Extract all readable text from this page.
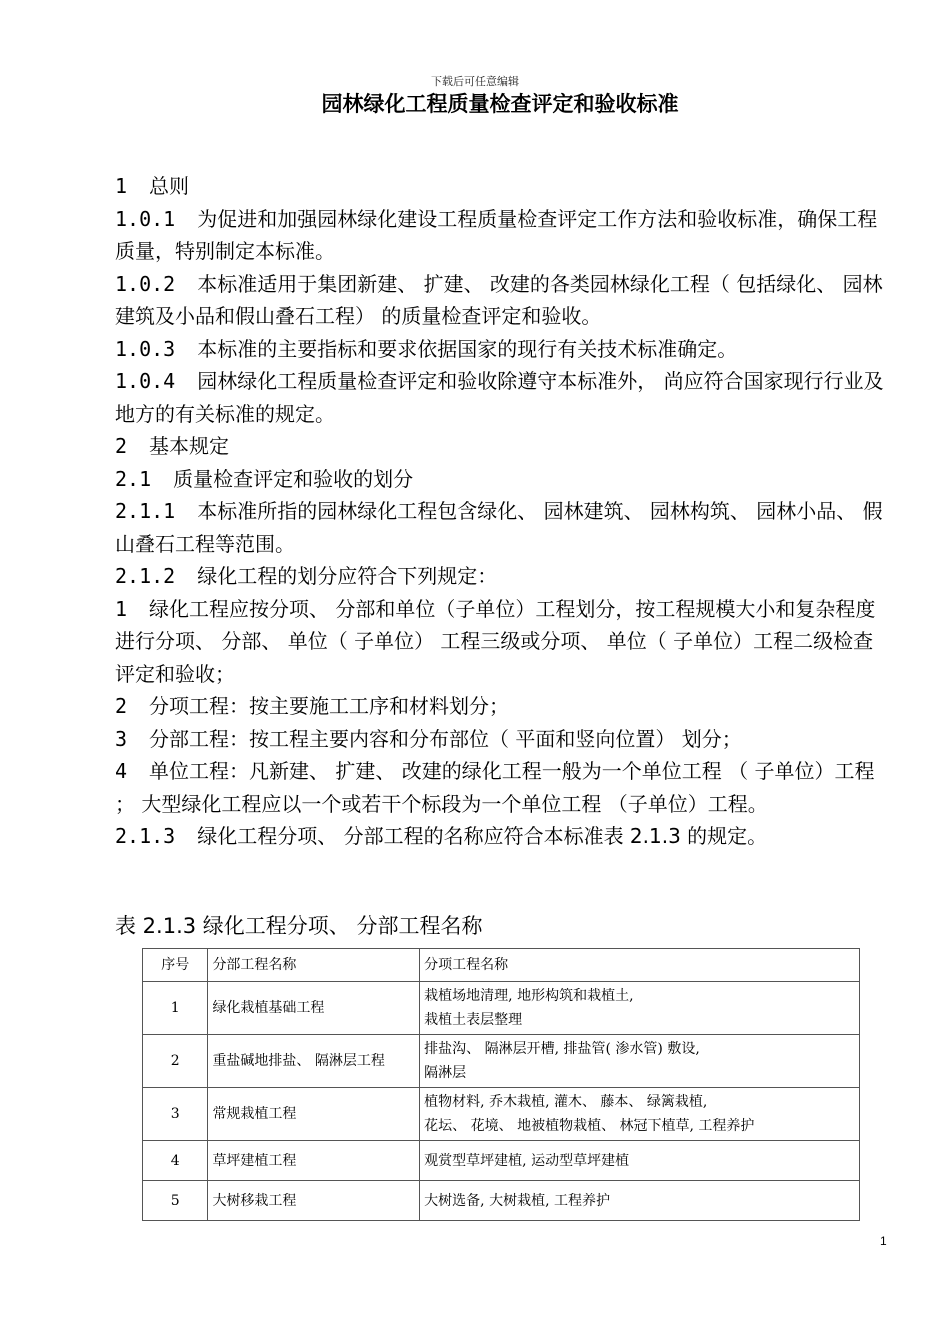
下载后可任意编辑
园林绿化工程质量检查评定和验收标准

1 总则

1.0.1 为促进和加强园林绿化建设工程质量检查评定工作方法和验收标准，确保工程质量，特别制定本标准。

1.0.2 本标准适用于集团新建、 扩建、 改建的各类园林绿化工程（ 包括绿化、 园林建筑及小品和假山叠石工程） 的质量检查评定和验收。

1.0.3 本标准的主要指标和要求依据国家的现行有关技术标准确定。

1.0.4 园林绿化工程质量检查评定和验收除遵守本标准外， 尚应符合国家现行行业及地方的有关标准的规定。

2 基本规定

2.1 质量检查评定和验收的划分

2.1.1 本标准所指的园林绿化工程包含绿化、 园林建筑、 园林构筑、 园林小品、 假山叠石工程等范围。

2.1.2 绿化工程的划分应符合下列规定：

1 绿化工程应按分项、 分部和单位（子单位）工程划分，按工程规模大小和复杂程度进行分项、 分部、 单位（ 子单位） 工程三级或分项、 单位（ 子单位）工程二级检查评定和验收；

2 分项工程：按主要施工工序和材料划分；

3 分部工程：按工程主要内容和分布部位（ 平面和竖向位置） 划分；

4 单位工程：凡新建、 扩建、 改建的绿化工程一般为一个单位工程 （ 子单位）工程 ； 大型绿化工程应以一个或若干个标段为一个单位工程 （子单位）工程。

2.1.3 绿化工程分项、 分部工程的名称应符合本标准表 2.1.3 的规定。

表 2.1.3 绿化工程分项、 分部工程名称
序号	分部工程名称	分项工程名称
1	绿化栽植基础工程	栽植场地清理, 地形构筑和栽植土,
栽植土表层整理

2	重盐碱地排盐、 隔淋层工程	排盐沟、 隔淋层开槽, 排盐管( 渗水管) 敷设,
隔淋层

3	常规栽植工程	植物材料, 乔木栽植, 灌木、 藤本、 绿篱栽植,
花坛、 花境、 地被植物栽植、 林冠下植草, 工程养护

4	草坪建植工程	观赏型草坪建植, 运动型草坪建植

5	大树移栽工程	大树选备, 大树栽植, 工程养护
1
